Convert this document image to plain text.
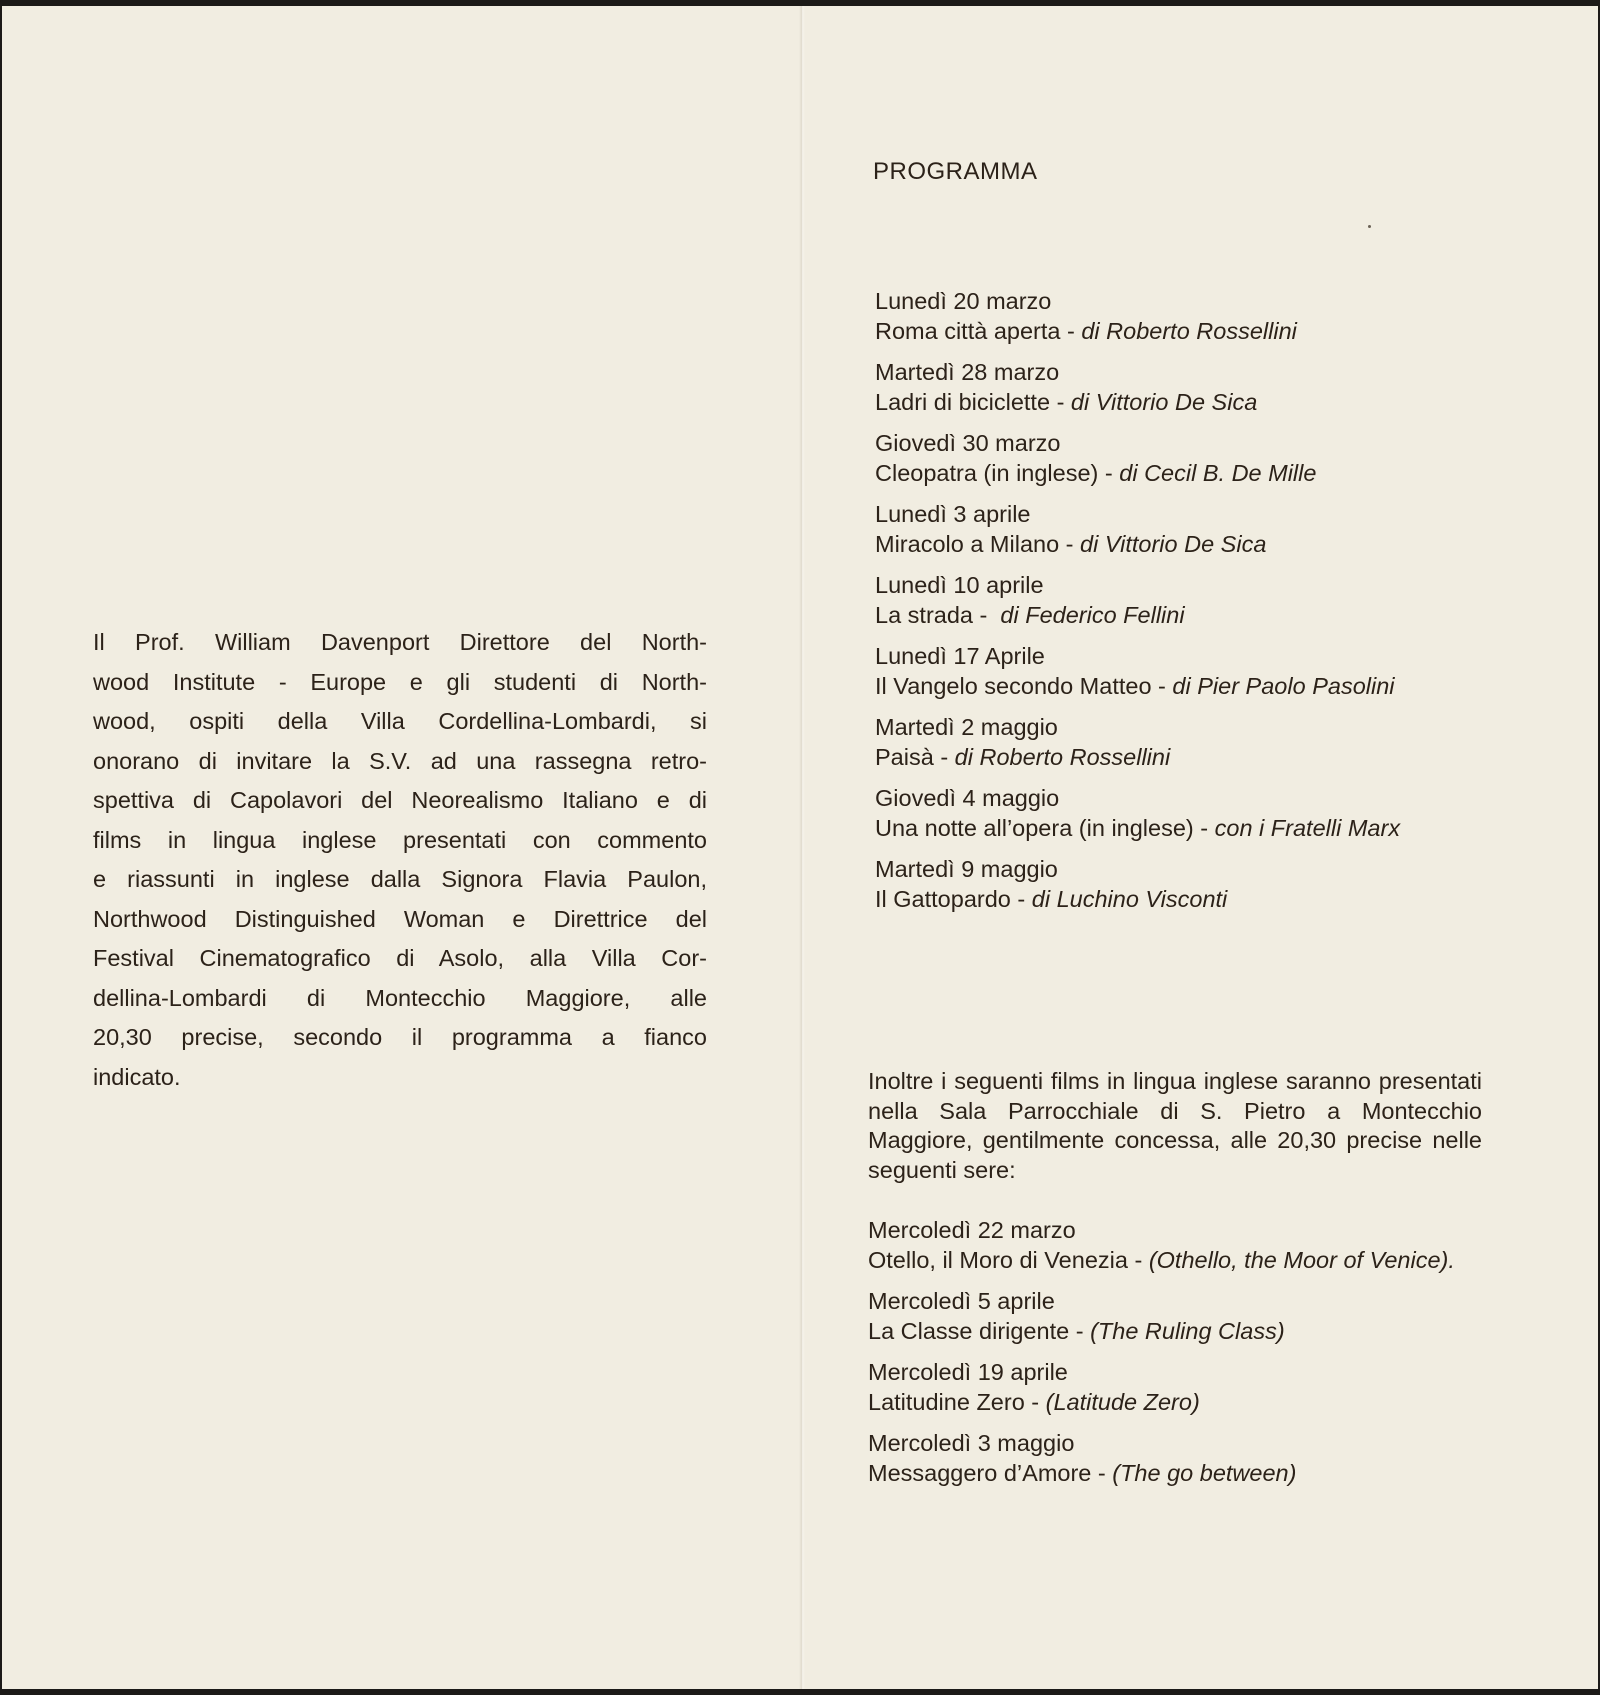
Il Prof. William Davenport Direttore del North-
wood Institute - Europe e gli studenti di North-
wood, ospiti della Villa Cordellina-Lombardi, si
onorano di invitare la S.V. ad una rassegna retro-
spettiva di Capolavori del Neorealismo Italiano e di
films in lingua inglese presentati con commento
e riassunti in inglese dalla Signora Flavia Paulon,
Northwood Distinguished Woman e Direttrice del
Festival Cinematografico di Asolo, alla Villa Cor-
dellina-Lombardi di Montecchio Maggiore, alle
20,30 precise, secondo il programma a fianco
indicato.
PROGRAMMA
Lunedì 20 marzo
Roma città aperta - di Roberto Rossellini
Martedì 28 marzo
Ladri di biciclette - di Vittorio De Sica
Giovedì 30 marzo
Cleopatra (in inglese) - di Cecil B. De Mille
Lunedì 3 aprile
Miracolo a Milano - di Vittorio De Sica
Lunedì 10 aprile
La strada -  di Federico Fellini
Lunedì 17 Aprile
Il Vangelo secondo Matteo - di Pier Paolo Pasolini
Martedì 2 maggio
Paisà - di Roberto Rossellini
Giovedì 4 maggio
Una notte all’opera (in inglese) - con i Fratelli Marx
Martedì 9 maggio
Il Gattopardo - di Luchino Visconti
Inoltre i seguenti films in lingua inglese saranno presentati nella Sala Parrocchiale di S. Pietro a Montecchio Maggiore, gentilmente concessa, alle 20,30 precise nelle seguenti sere:
Mercoledì 22 marzo
Otello, il Moro di Venezia - (Othello, the Moor of Venice).
Mercoledì 5 aprile
La Classe dirigente - (The Ruling Class)
Mercoledì 19 aprile
Latitudine Zero - (Latitude Zero)
Mercoledì 3 maggio
Messaggero d’Amore - (The go between)
